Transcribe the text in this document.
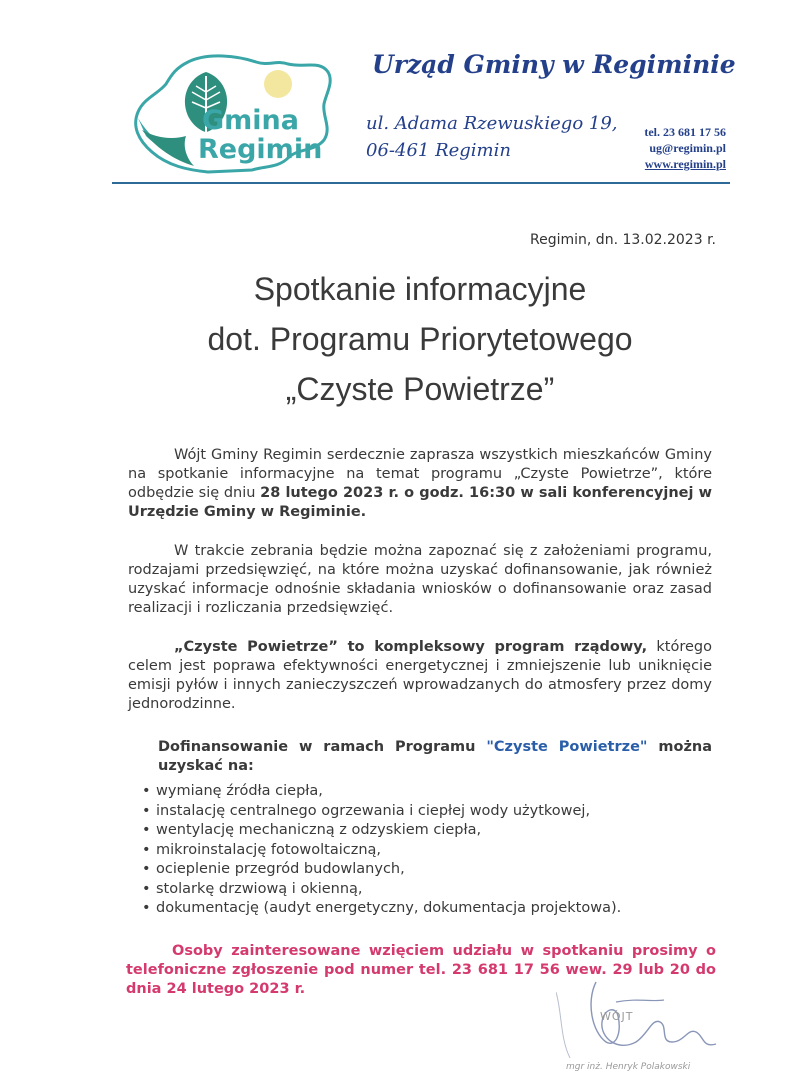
Gmina
Regimin
Urząd Gminy w Regiminie
ul. Adama Rzewuskiego 19,
06-461 Regimin
tel. 23 681 17 56
ug@regimin.pl
www.regimin.pl
Regimin, dn. 13.02.2023 r.
Spotkanie informacyjne
dot. Programu Priorytetowego
„Czyste Powietrze”

Wójt Gminy Regimin serdecznie zaprasza wszystkich mieszkańców Gminy na spotkanie informacyjne na temat programu „Czyste Powietrze”, które odbędzie się dniu 28 lutego 2023 r. o godz. 16:30 w sali konferencyjnej w Urzędzie Gminy w Regiminie.

W trakcie zebrania będzie można zapoznać się z założeniami programu, rodzajami przedsięwzięć, na które można uzyskać dofinansowanie, jak również uzyskać informacje odnośnie składania wniosków o dofinansowanie oraz zasad realizacji i rozliczania przedsięwzięć.

„Czyste Powietrze” to kompleksowy program rządowy, którego celem jest poprawa efektywności energetycznej i zmniejszenie lub uniknięcie emisji pyłów i innych zanieczyszczeń wprowadzanych do atmosfery przez domy jednorodzinne.

Dofinansowanie w ramach Programu "Czyste Powietrze" można uzyskać na:

• wymianę źródła ciepła,
• instalację centralnego ogrzewania i ciepłej wody użytkowej,
• wentylację mechaniczną z odzyskiem ciepła,
• mikroinstalację fotowoltaiczną,
• ocieplenie przegród budowlanych,
• stolarkę drzwiową i okienną,
• dokumentację (audyt energetyczny, dokumentacja projektowa).

Osoby zainteresowane wzięciem udziału w spotkaniu prosimy o telefoniczne zgłoszenie pod numer tel. 23 681 17 56 wew. 29 lub 20 do dnia 24 lutego 2023 r.

WÓJT
mgr inż. Henryk Polakowski
